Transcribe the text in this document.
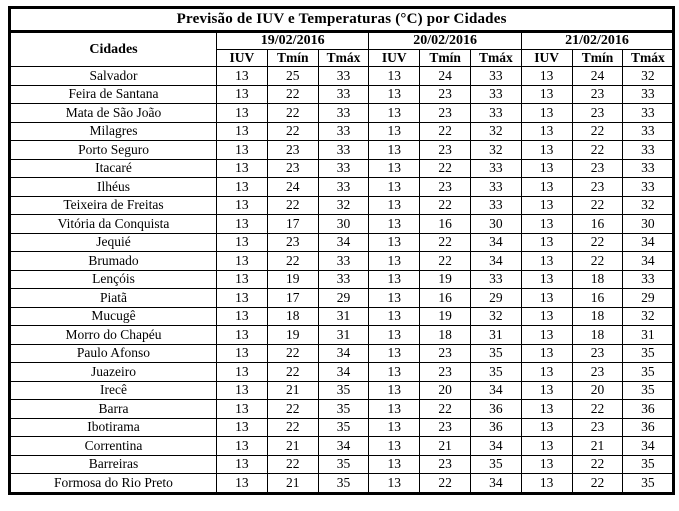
Previsão de IUV e Temperaturas (°C) por Cidades									
Cidades	19/02/2016			20/02/2016			21/02/2016		
	IUV	Tmín	Tmáx	IUV	Tmín	Tmáx	IUV	Tmín	Tmáx
Salvador	13	25	33	13	24	33	13	24	32
Feira de Santana	13	22	33	13	23	33	13	23	33
Mata de São João	13	22	33	13	23	33	13	23	33
Milagres	13	22	33	13	22	32	13	22	33
Porto Seguro	13	23	33	13	23	32	13	22	33
Itacaré	13	23	33	13	22	33	13	23	33
Ilhéus	13	24	33	13	23	33	13	23	33
Teixeira de Freitas	13	22	32	13	22	33	13	22	32
Vitória da Conquista	13	17	30	13	16	30	13	16	30
Jequié	13	23	34	13	22	34	13	22	34
Brumado	13	22	33	13	22	34	13	22	34
Lençóis	13	19	33	13	19	33	13	18	33
Piatã	13	17	29	13	16	29	13	16	29
Mucugê	13	18	31	13	19	32	13	18	32
Morro do Chapéu	13	19	31	13	18	31	13	18	31
Paulo Afonso	13	22	34	13	23	35	13	23	35
Juazeiro	13	22	34	13	23	35	13	23	35
Irecê	13	21	35	13	20	34	13	20	35
Barra	13	22	35	13	22	36	13	22	36
Ibotirama	13	22	35	13	23	36	13	23	36
Correntina	13	21	34	13	21	34	13	21	34
Barreiras	13	22	35	13	23	35	13	22	35
Formosa do Rio Preto	13	21	35	13	22	34	13	22	35
